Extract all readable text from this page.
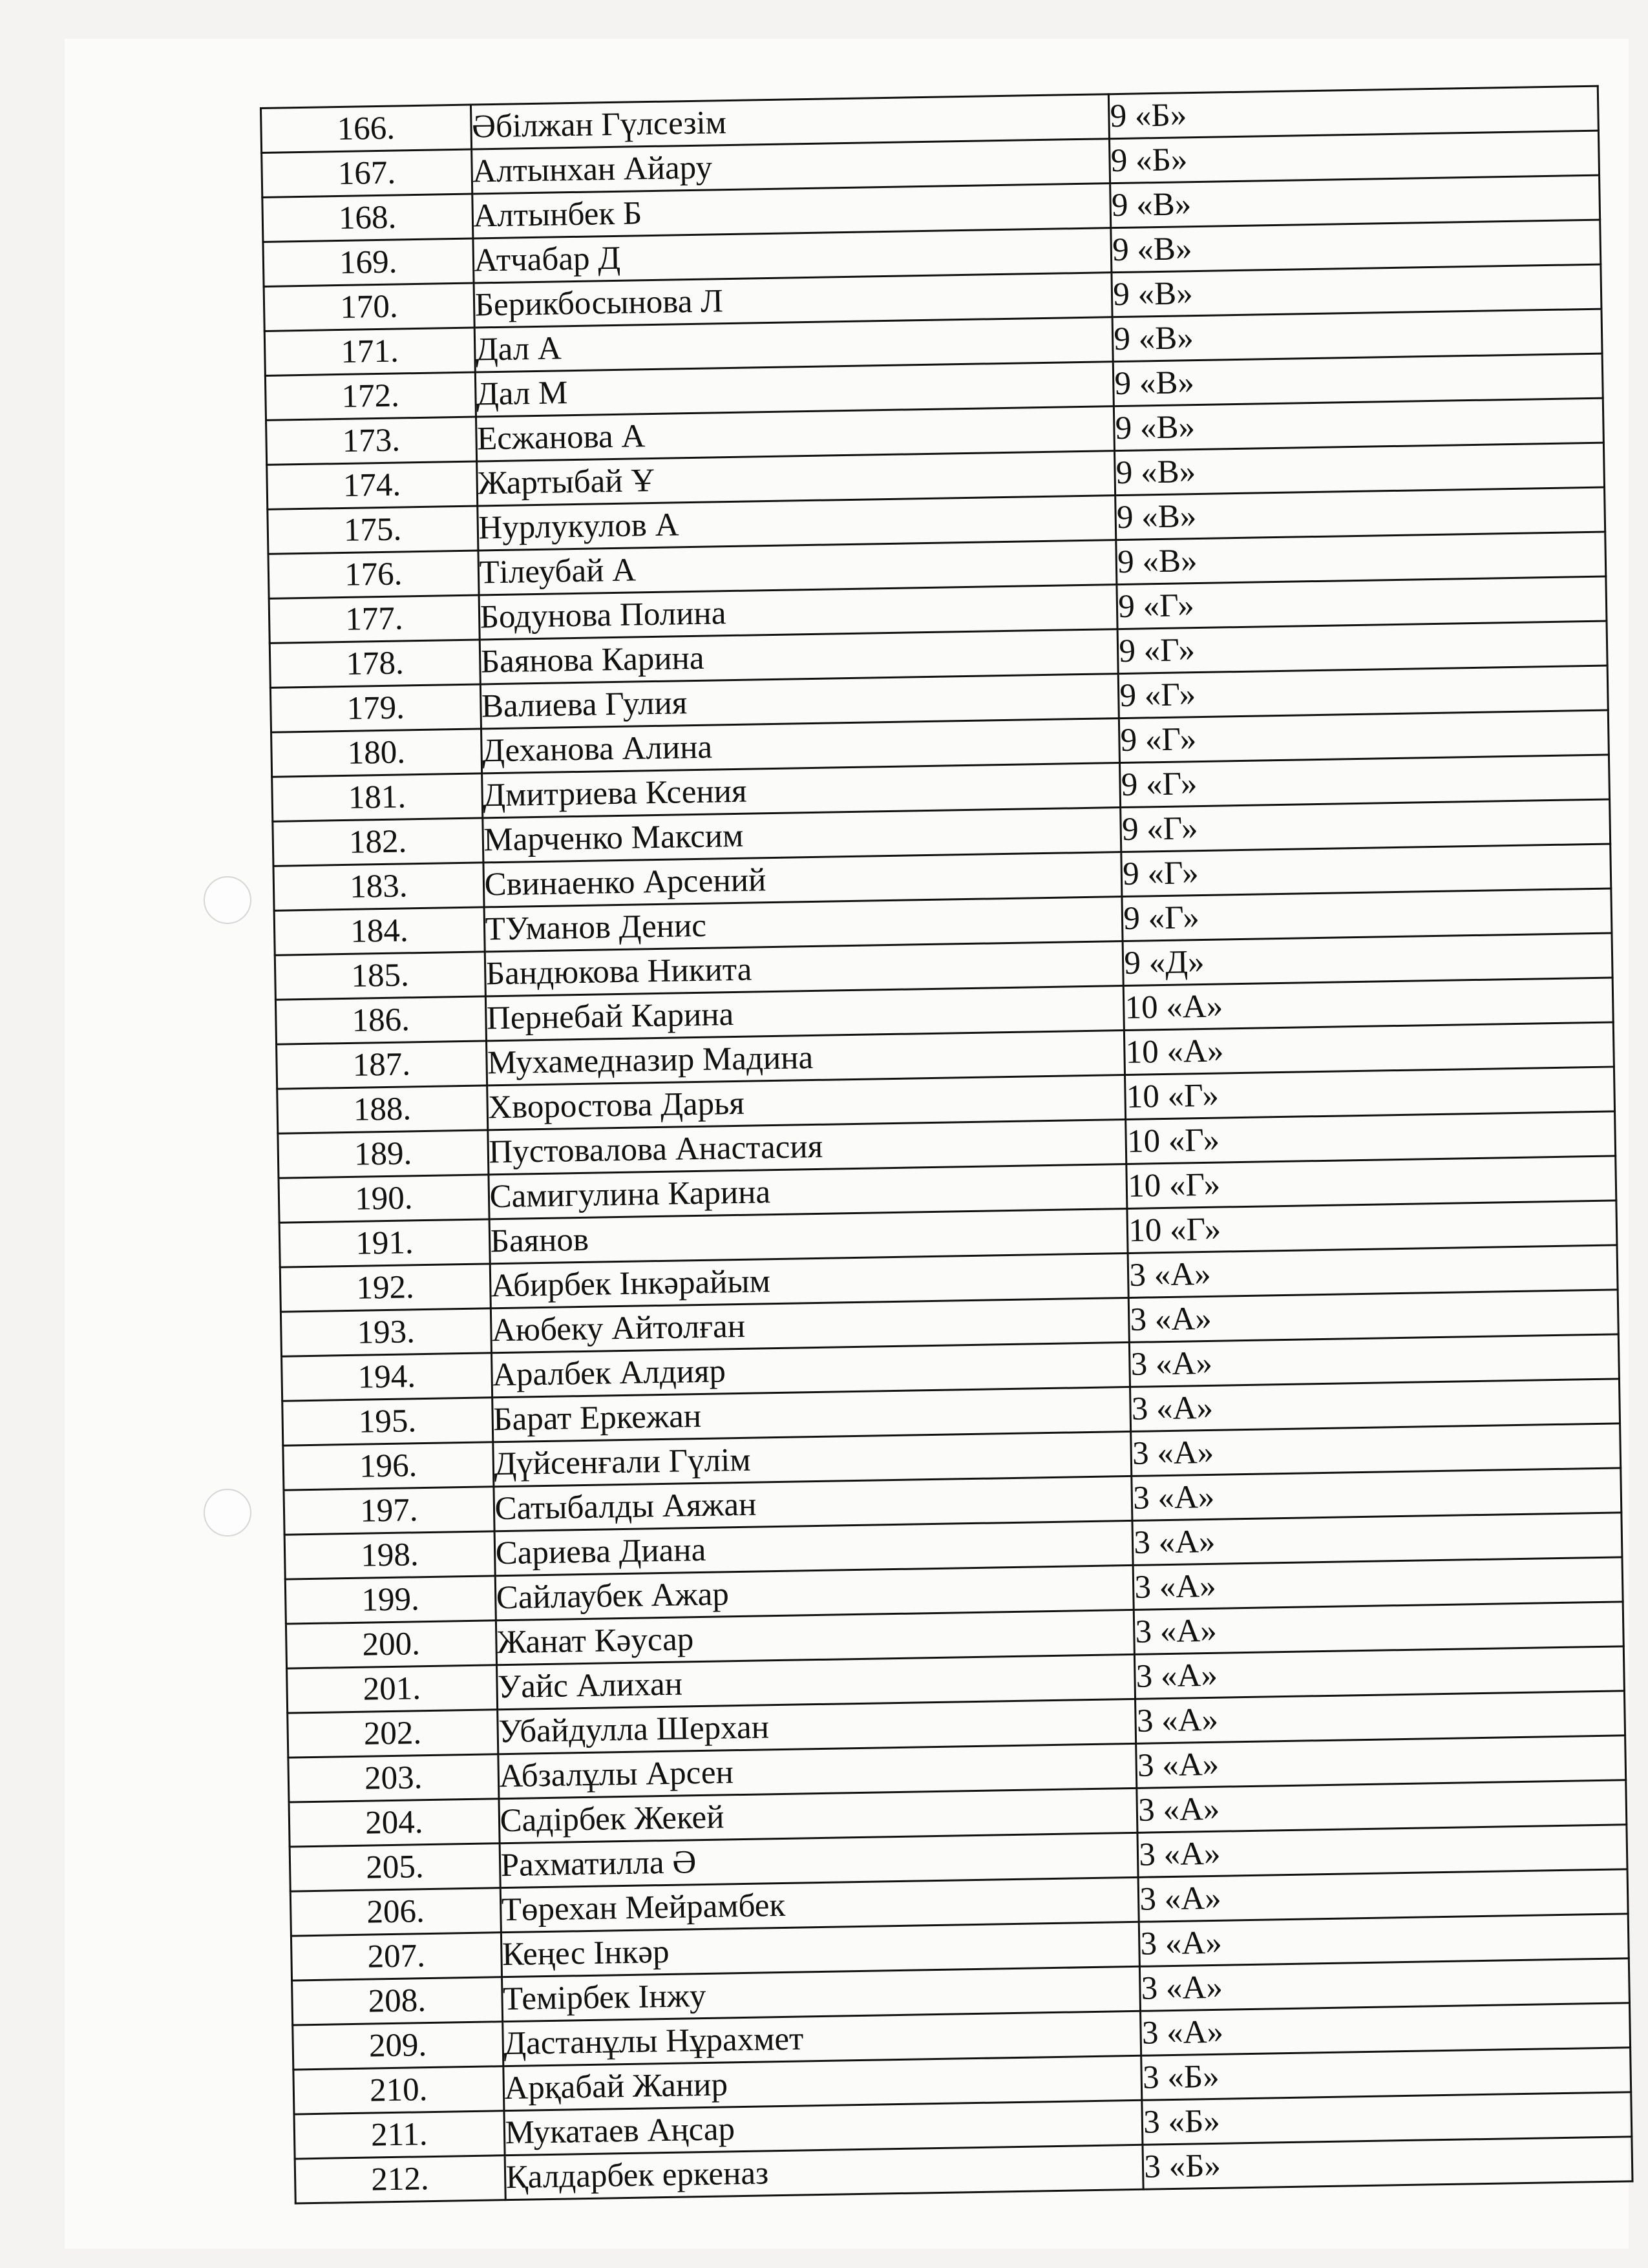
166.	Әбілжан Гүлсезім	9 «Б»
167.	Алтынхан Айару	9 «Б»
168.	Алтынбек Б	9 «В»
169.	Атчабар Д	9 «В»
170.	Берикбосынова Л	9 «В»
171.	Дал А	9 «В»
172.	Дал М	9 «В»
173.	Есжанова А	9 «В»
174.	Жартыбай Ұ	9 «В»
175.	Нурлукулов А	9 «В»
176.	Тілеубай А	9 «В»
177.	Бодунова Полина	9 «Г»
178.	Баянова Карина	9 «Г»
179.	Валиева Гулия	9 «Г»
180.	Деханова Алина	9 «Г»
181.	Дмитриева Ксения	9 «Г»
182.	Марченко Максим	9 «Г»
183.	Свинаенко Арсений	9 «Г»
184.	ТУманов Денис	9 «Г»
185.	Бандюкова Никита	9 «Д»
186.	Пернебай Карина	10 «А»
187.	Мухамедназир Мадина	10 «А»
188.	Хворостова Дарья	10 «Г»
189.	Пустовалова Анастасия	10 «Г»
190.	Самигулина Карина	10 «Г»
191.	Баянов	10 «Г»
192.	Абирбек Інкәрайым	3 «А»
193.	Аюбеку Айтолған	3 «А»
194.	Аралбек Алдияр	3 «А»
195.	Барат Еркежан	3 «А»
196.	Дүйсенғали Гүлім	3 «А»
197.	Сатыбалды Аяжан	3 «А»
198.	Сариева Диана	3 «А»
199.	Сайлаубек Ажар	3 «А»
200.	Жанат Кәусар	3 «А»
201.	Уайс Алихан	3 «А»
202.	Убайдулла Шерхан	3 «А»
203.	Абзалұлы Арсен	3 «А»
204.	Садірбек Жекей	3 «А»
205.	Рахматилла Ә	3 «А»
206.	Төрехан Мейрамбек	3 «А»
207.	Кеңес Інкәр	3 «А»
208.	Темірбек Інжу	3 «А»
209.	Дастанұлы Нұрахмет	3 «А»
210.	Арқабай Жанир	3 «Б»
211.	Мукатаев Аңсар	3 «Б»
212.	Қалдарбек еркеназ	3 «Б»
